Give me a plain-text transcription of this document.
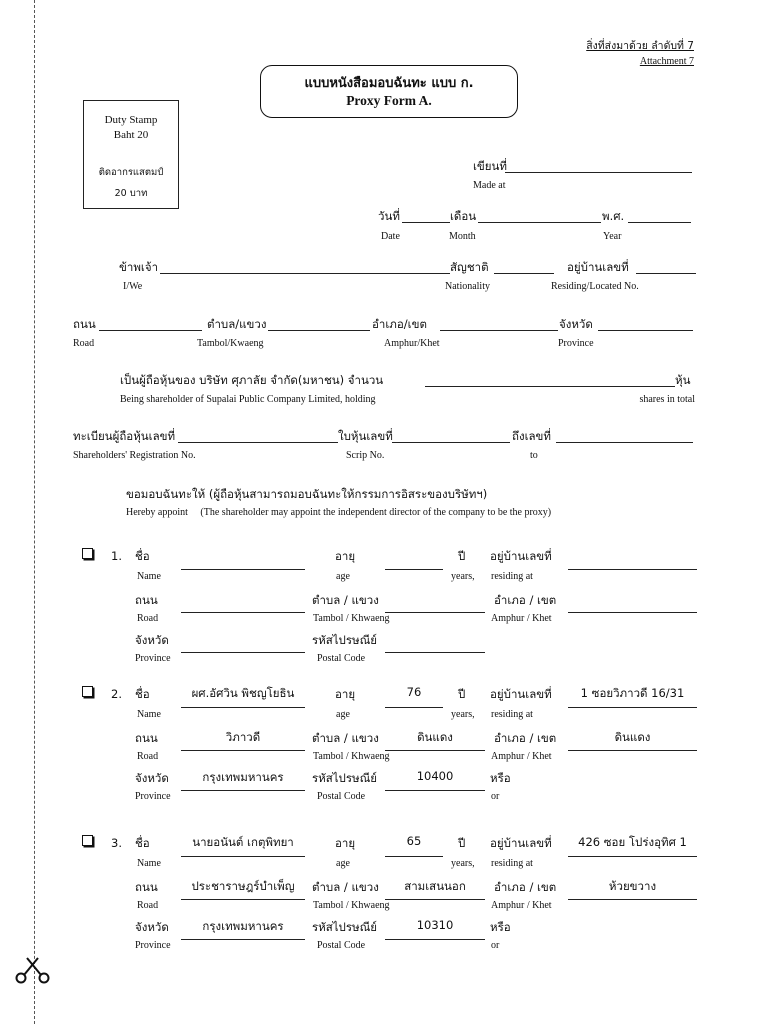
สิ่งที่ส่งมาด้วย ลำดับที่ 7
Attachment 7
แบบหนังสือมอบฉันทะ แบบ ก.
Proxy Form A.
Duty Stamp
Baht 20
ติดอากรแสตมป์
20 บาท
เขียนที่
Made at
วันที่	เดือน	พ.ศ.
Date	Month	Year
ข้าพเจ้า	สัญชาติ	อยู่บ้านเลขที่
I/We	Nationality	Residing/Located No.
ถนน	ตำบล/แขวง	อำเภอ/เขต	จังหวัด
Road	Tambol/Kwaeng	Amphur/Khet	Province
เป็นผู้ถือหุ้นของ บริษัท ศุภาลัย จำกัด(มหาชน) จำนวน	หุ้น
Being shareholder of Supalai Public Company Limited, holding	shares in total
ทะเบียนผู้ถือหุ้นเลขที่	ใบหุ้นเลขที่	ถึงเลขที่
Shareholders' Registration No.	Scrip No.	to
ขอมอบฉันทะให้ (ผู้ถือหุ้นสามารถมอบฉันทะให้กรรมการอิสระของบริษัทฯ)
Hereby appoint     (The shareholder may appoint the independent director of the company to be the proxy)
1. ชื่อ	อายุ	ปี อยู่บ้านเลขที่
Name	age	years, residing at
ถนน	ตำบล / แขวง	อำเภอ / เขต
Road	Tambol / Khwaeng	Amphur / Khet
จังหวัด	รหัสไปรษณีย์
Province	Postal Code
2. ชื่อ	ผศ.อัศวิน พิชญโยธิน	อายุ	76	ปี อยู่บ้านเลขที่	1 ซอยวิภาวดี 16/31
Name	age	years, residing at
ถนน	วิภาวดี	ตำบล / แขวง	ดินแดง	อำเภอ / เขต	ดินแดง
Road	Tambol / Khwaeng	Amphur / Khet
จังหวัด	กรุงเทพมหานคร	รหัสไปรษณีย์	10400
Province	Postal Code
หรือ
or
3. ชื่อ	นายอนันต์ เกตุพิทยา	อายุ	65	ปี อยู่บ้านเลขที่	426 ซอย โปร่งอุทิศ 1
Name	age	years, residing at
ถนน	ประชาราษฎร์บำเพ็ญ	ตำบล / แขวง	สามเสนนอก	อำเภอ / เขต	ห้วยขวาง
Road	Tambol / Khwaeng	Amphur / Khet
จังหวัด	กรุงเทพมหานคร	รหัสไปรษณีย์	10310
Province	Postal Code
หรือ
or
